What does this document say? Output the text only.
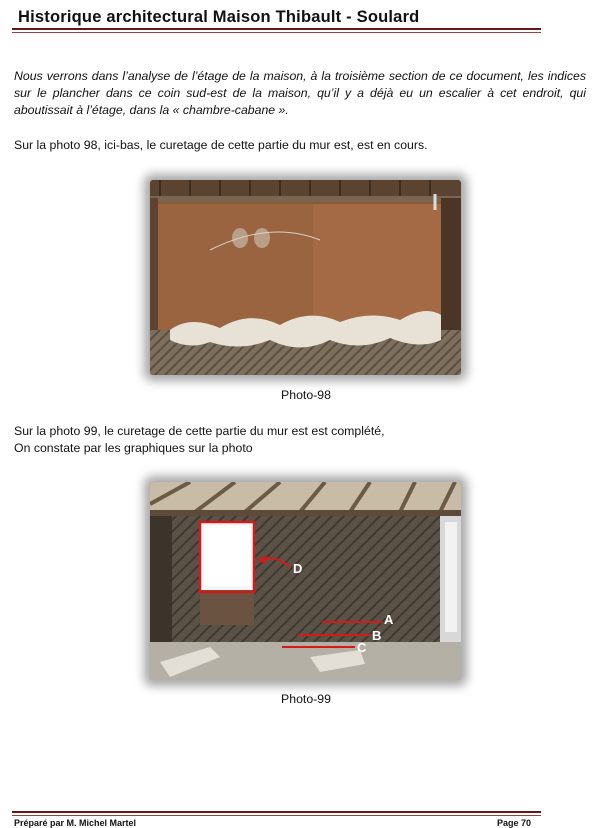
Historique architectural Maison Thibault - Soulard
Nous verrons dans l’analyse de l’étage de la maison, à la troisième section de ce document, les indices sur le plancher dans ce coin sud-est de la maison, qu’il y a déjà eu un escalier à cet endroit, qui aboutissait à l’étage, dans la « chambre-cabane ».
Sur la photo 98, ici-bas, le curetage de cette partie du mur est, est en cours.
Photo-98
Sur la photo 99, le curetage de cette partie du mur est est complété,
On constate par les graphiques sur la photo
A
B
C
D
Photo-99
Préparé par M. Michel Martel	Page 70
